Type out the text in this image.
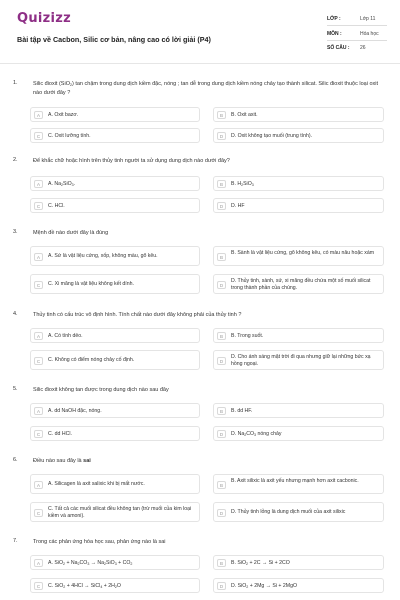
Quizizz
Bài tập về Cacbon, Silic cơ bản, nâng cao có lời giải (P4)
LỚP :	Lớp 11
MÔN :	Hóa học
SỐ CÂU : 26
1.	Silic đioxit (SiO$_2$) tan chậm trong dung dịch kiềm đặc, nóng ; tan dễ trong dung dịch kiềm nóng chảy tạo thành silicat. Silic đioxit thuộc loại oxit nào dưới đây ?
A	A. Oxit bazơ.	B	B. Oxit axit.
C	C. Oxit lưỡng tính.	D	D. Oxit không tạo muối (trung tính).
2.	Để khắc chữ hoặc hình trên thủy tinh người ta sử dụng dung dịch nào dưới đây?
A	A. $Na_2SiO_3$.	B	B. $H_2SiO_3$
C	C. HCl.	D	D. HF
3.	Mệnh đề nào dưới đây là đúng
A	A. Sứ là vật liệu cứng, xốp, không màu, gõ kêu.	B
B. Sành là vật liệu cứng, gõ không kêu, có màu nâu hoặc xám
C	C. Xi măng là vật liệu không kết dính.	D
D. Thủy tinh, sành, sứ, xi măng đều chứa một số muối silicat trong thành phần của chúng.
4.	Thủy tinh có cấu trúc vô định hình. Tính chất nào dưới đây không phải của thủy tinh ?
A	A. Có tính dẻo.	B	B. Trong suốt.
C	C. Không có điểm nóng chảy cố định.	D
D. Cho ánh sáng mặt trời đi qua nhưng giữ lại những bức xạ hồng ngoại.
5.	Silic đioxit không tan được trong dung dịch nào sau đây
A	A. dd NaOH đặc, nóng.	B	B. dd HF.
C	C. dd HCl.	D	D. $Na_2CO_3$ nóng chảy
6.	Điều nào sau đây là sai
A	A. Silicagen là axit salixic khi bị mất nước.	B
B. Axit silixic là axit yếu nhưng mạnh hơn axit cacbonic.
C
C. Tất cả các muối silicat đều không tan (trừ muối của kim loại kiềm và amoni).	D	D. Thủy tinh lỏng là dung dịch muối của axit silixic
7.	Trong các phản ứng hóa học sau, phản ứng nào là sai
A	A. $SiO_2 + Na_2CO_3 \to Na_2SiO_3 + CO_2$	B	B. SiO$_2$ + 2C → Si + 2CO
C	C. SiO$_2$ + 4HCl → SiCl$_4$ + $2H_2O$	D	D. SiO$_2$ + 2Mg → Si + 2MgO
